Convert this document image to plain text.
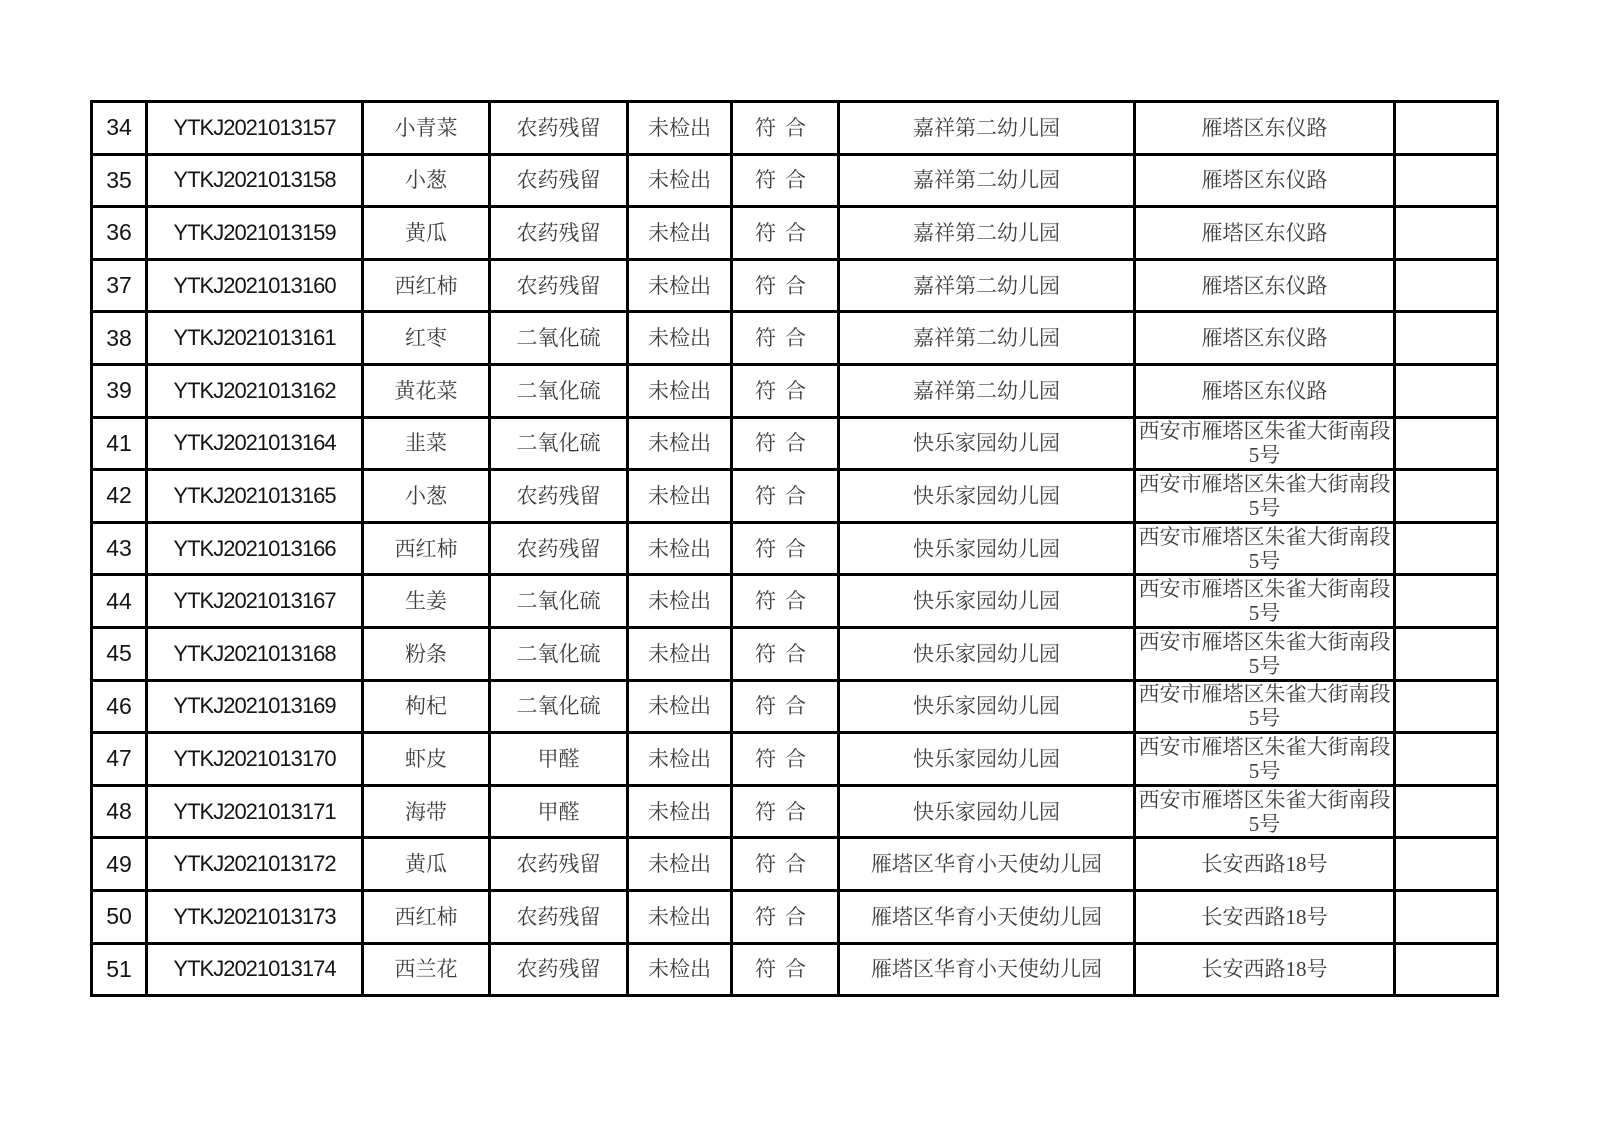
34	YTKJ2021013157	小青菜	农药残留	未检出	符合	嘉祥第二幼儿园	雁塔区东仪路	
35	YTKJ2021013158	小葱	农药残留	未检出	符合	嘉祥第二幼儿园	雁塔区东仪路	
36	YTKJ2021013159	黄瓜	农药残留	未检出	符合	嘉祥第二幼儿园	雁塔区东仪路	
37	YTKJ2021013160	西红柿	农药残留	未检出	符合	嘉祥第二幼儿园	雁塔区东仪路	
38	YTKJ2021013161	红枣	二氧化硫	未检出	符合	嘉祥第二幼儿园	雁塔区东仪路	
39	YTKJ2021013162	黄花菜	二氧化硫	未检出	符合	嘉祥第二幼儿园	雁塔区东仪路	
41	YTKJ2021013164	韭菜	二氧化硫	未检出	符合	快乐家园幼儿园	西安市雁塔区朱雀大街南段5号	
42	YTKJ2021013165	小葱	农药残留	未检出	符合	快乐家园幼儿园	西安市雁塔区朱雀大街南段5号	
43	YTKJ2021013166	西红柿	农药残留	未检出	符合	快乐家园幼儿园	西安市雁塔区朱雀大街南段5号	
44	YTKJ2021013167	生姜	二氧化硫	未检出	符合	快乐家园幼儿园	西安市雁塔区朱雀大街南段5号	
45	YTKJ2021013168	粉条	二氧化硫	未检出	符合	快乐家园幼儿园	西安市雁塔区朱雀大街南段5号	
46	YTKJ2021013169	枸杞	二氧化硫	未检出	符合	快乐家园幼儿园	西安市雁塔区朱雀大街南段5号	
47	YTKJ2021013170	虾皮	甲醛	未检出	符合	快乐家园幼儿园	西安市雁塔区朱雀大街南段5号	
48	YTKJ2021013171	海带	甲醛	未检出	符合	快乐家园幼儿园	西安市雁塔区朱雀大街南段5号	
49	YTKJ2021013172	黄瓜	农药残留	未检出	符合	雁塔区华育小天使幼儿园	长安西路18号	
50	YTKJ2021013173	西红柿	农药残留	未检出	符合	雁塔区华育小天使幼儿园	长安西路18号	
51	YTKJ2021013174	西兰花	农药残留	未检出	符合	雁塔区华育小天使幼儿园	长安西路18号	
